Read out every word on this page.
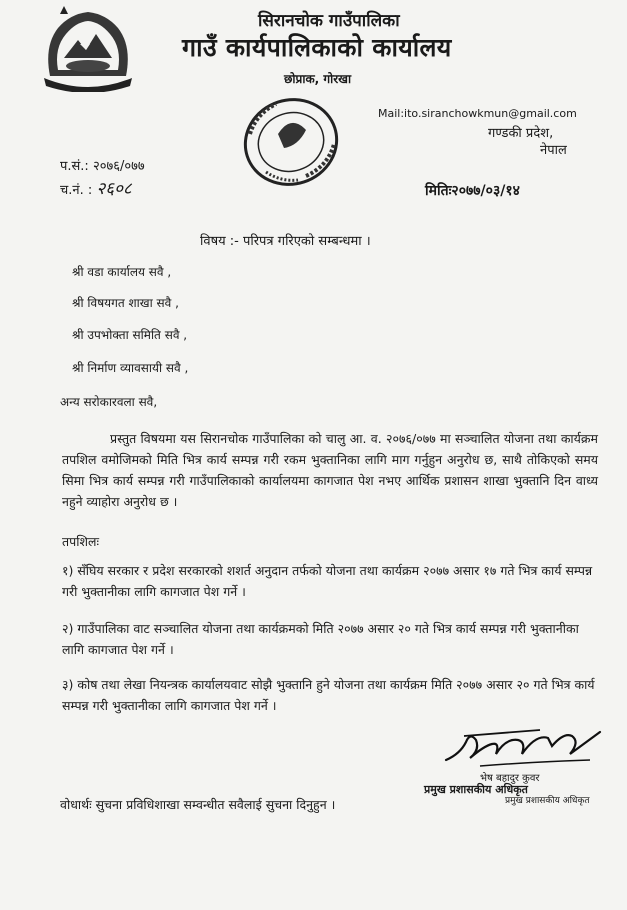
सिरानचोक गाउँपालिका
गाउँ कार्यपालिकाको कार्यालय
छोप्राक, गोरखा
Mail:ito.siranchowkmun@gmail.com
गण्डकी प्रदेश,
नेपाल
प.सं.: २०७६/०७७
च.नं. : २६०८	मितिः२०७७/०३/१४
विषय :- परिपत्र गरिएको सम्बन्धमा ।
श्री वडा कार्यालय सवै ,
श्री विषयगत शाखा सवै ,
श्री उपभोक्ता समिति सवै ,
श्री निर्माण व्यावसायी सवै ,
अन्य सरोकारवला सवै,
प्रस्तुत विषयमा यस सिरानचोक गाउँपालिका को चालु आ. व. २०७६/०७७ मा सञ्चालित योजना तथा कार्यक्रम तपशिल वमोजिमको मिति भित्र कार्य सम्पन्न गरी रकम भुक्तानिका लागि माग गर्नुहुन अनुरोध छ, साथै तोकिएको समय सिमा भित्र कार्य सम्पन्न गरी गाउँपालिकाको कार्यालयमा कागजात पेश नभए आर्थिक प्रशासन शाखा भुक्तानि दिन वाध्य नहुने व्याहोरा अनुरोध छ ।
तपशिलः
१) सँघिय सरकार र प्रदेश सरकारको शशर्त अनुदान तर्फको योजना तथा कार्यक्रम २०७७ असार १७ गते भित्र कार्य सम्पन्न गरी भुक्तानीका लागि कागजात पेश गर्ने ।
२) गाउँपालिका वाट सञ्चालित योजना तथा कार्यक्रमको मिति २०७७ असार २० गते भित्र कार्य सम्पन्न गरी भुक्तानीका लागि कागजात पेश गर्ने ।
३) कोष तथा लेखा नियन्त्रक कार्यालयवाट सोझै भुक्तानि हुने योजना तथा कार्यक्रम मिति २०७७ असार २० गते भित्र कार्य सम्पन्न गरी भुक्तानीका लागि कागजात पेश गर्ने ।
भेष बहादुर कुवर
प्रमुख प्रशासकीय अधिकृत
प्रमुख प्रशासकीय अधिकृत
वोधार्थः सुचना प्रविधिशाखा सम्वन्धीत सवैलाई सुचना दिनुहुन ।
